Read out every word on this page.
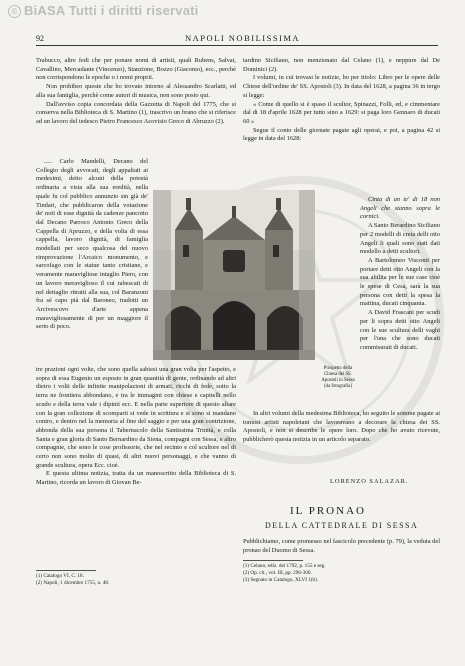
© BiASA Tutti i diritti riservati
92	NAPOLI NOBILISSIMA

Trabucco, altre fedi che per ponare nomi di artisti, quali Rubens, Salvat, Cavallino, Mercadante (Vincenzo), Stanzione, Bozzo (Giacomo), ecc., perchè non corrispondono le epoche o i nomi proprii.

Non prohibeo queste che ho trovato intorno al Alessandro Scarlatti, ed alla sua famiglia, perchè come autori di musica, non sono posto qui.

Dall'avviso copia concordata della Gazzetta di Napoli del 1775, che si conserva nella Biblioteca di S. Martino (1), trascrivo un brano che si riferisce ad un lavoro del tedesco Pietro Francesco Acovisio Greco di Abruzzo (2).

..... Carlo Mandelli, Decano del Collegio degli avvocati, degli appaltati ai medesimi, detto alcuni della potestà ordinaria a vista alla sua eredità, nella quale fu col pubblico annunzio sin già de' Tindari, che pubblicaron della votazione de' noti di esse dignità da cadenze pancotto dal Decano Parroco Antonio Greco della Cappella di Apruzzo, e della volta di essa cappella, lavoro dignità, di famiglia modellati per seco qualcosa del nuovo rimprovazione l'Arcaico monumento, e sarcofago con le statue tanto cristiane, e veramente maravigliose intaglio Piero, con un lavoro meraviglioso il cui rabescati di nel dettaglio ritratti alla sua, col Baranzoni fra sé capo pià dal Baroneo, tradotti un Arcivescovo d'arte appena maravigliosamente di per un maggiore il serto di poco.

tardino Siciliano, non menzionato dal Celano (1), e neppure dal De Dominici (2).

I volumi, in cui trovasi le notizie, ho per titolo: Libro per le opere delle Chiese dell'ordine de' SS. Apostoli (3). In data del 1628, a pagina 36 in tergo si legge:

« Come di quello si è spaso il scultor, Spinazzi, Folli, ed, e cimmentare dal di 18 d'aprile 1628 per tutto sino a 1629: si paga loro Gennaro di ducati 60 »

Segue il conto delle giornate pagate agli operai, e poi, a pagina 42 si legge in data del 1628:

Cinta di un te' di 18 non Angeli che stanno sopra le cornici.

A Santo Berardino Siciliano per 2 modelli di creta delli otto Angeli li quali sono stati dati modello a detti scultori.

A Bartolomeo Visconti per portare detti otto Angeli con la sua abilita per le sue case cioè le spese di Cesa, sarà la sua persona con detti la spesa la mattina, ducati cinquanta.

A David Frascani per scudi per li sopra detti otto Angeli con le sue scultura delli vaghi per l'una che sono ducati commisurati di ducati.

Prospetto della Chiesa dei SS. Apostoli in Sessa (da fotografia)

tre prazioni ogni volte, che sono quella sabiesi una gran volta per l'aspetto, e sopra di essa Eugenio un esposto in gran quantità di gente, ordinando ad altri dietro i volti delle infinite manipolazioni di armati, ricchi di fede, sotto la terra ne frontiera abbondano, e tra le immagini con chiese e capitelli nello scudo e della terra vale i dipinti ecc. E nella parte superiore di questo altare con la gran collezione di scomparti si vede in scrittura e si sono si mandano contro, e dentro nel la memoria al fine del saggio e per una gran contrizione, abbonda della sua persona il Tabernacolo della Santissima Trinità, e colla Santa e gran gloria di Santo Bernardino da Siena, compagni con Sessa, e altro compagnie, che sono le cose profissorie, che nel recinto e col scultore nel di certo non sono molto di quasi, di altri nuovi personaggi, e che vanno di grande scultura, opera Ecc. cioè.

E questa ultima notizia, tratta da un manoscritto della Biblioteca di S. Martino, ricorda un lavoro di Giovan Be-

In altri volumi della medesima Biblioteca, ho seguito le somme pagate ai tomosi artisti napoletani che lavoravano a decorare la chiesa dei SS. Apostoli, e non si describe le opere loro. Dopo che ho avuto ricevute, pubblicherò questa notizia in un articolo separato.

LORENZO SALAZAR.
IL PRONAO
DELLA CATTEDRALE DI SESSA
Pubblichiamo, come promesso nel fascicolo precedente (p. 79), la veduta del pronao del Duomo di Sessa.
(1) Catalogo VI, C. 18.
(2) Napoli, 1 dicembre 1755, n. 48.
(1) Celano, ediz. del 1792, p. 155 e seg.
(2) Op. cit., vol. III, pp. 296-300.
(3) Segnato in Catalogo, XLVI 1(b).
